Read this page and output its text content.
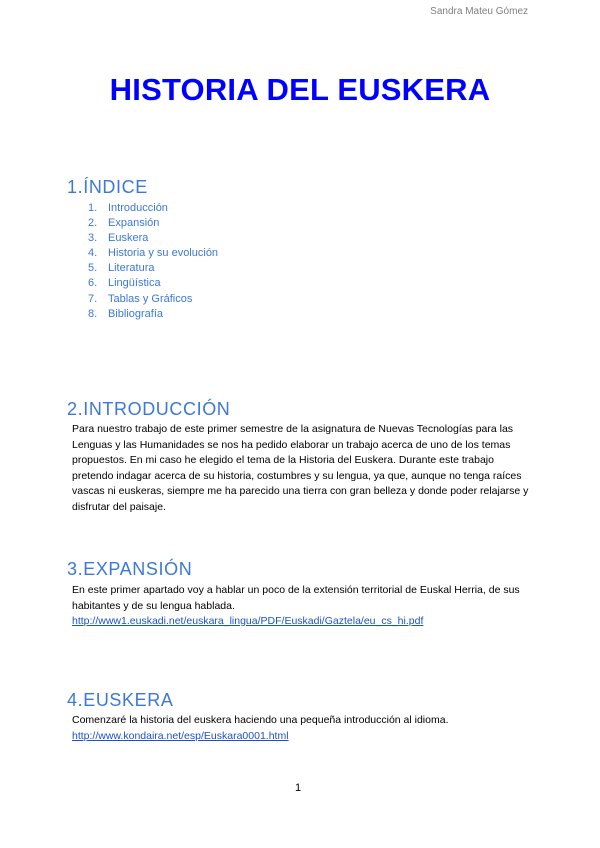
Sandra Mateu Gómez
HISTORIA DEL EUSKERA
1.ÍNDICE
1. Introducción
2. Expansión
3. Euskera
4. Historia y su evolución
5. Literatura
6. Lingüística
7. Tablas y Gráficos
8. Bibliografía
2.INTRODUCCIÓN

Para nuestro trabajo de este primer semestre de la asignatura de Nuevas Tecnologías para las Lenguas y las Humanidades se nos ha pedido elaborar un trabajo acerca de uno de los temas propuestos. En mi caso he elegido el tema de la Historia del Euskera. Durante este trabajo pretendo indagar acerca de su historia, costumbres y su lengua, ya que, aunque no tenga raíces vascas ni euskeras, siempre me ha parecido una tierra con gran belleza y donde poder relajarse y disfrutar del paisaje.

3.EXPANSIÓN

En este primer apartado voy a hablar un poco de la extensión territorial de Euskal Herria, de sus habitantes y de su lengua hablada.

http://www1.euskadi.net/euskara_lingua/PDF/Euskadi/Gaztela/eu_cs_hi.pdf
4.EUSKERA

Comenzaré la historia del euskera haciendo una pequeña introducción al idioma.

http://www.kondaira.net/esp/Euskara0001.html
1
